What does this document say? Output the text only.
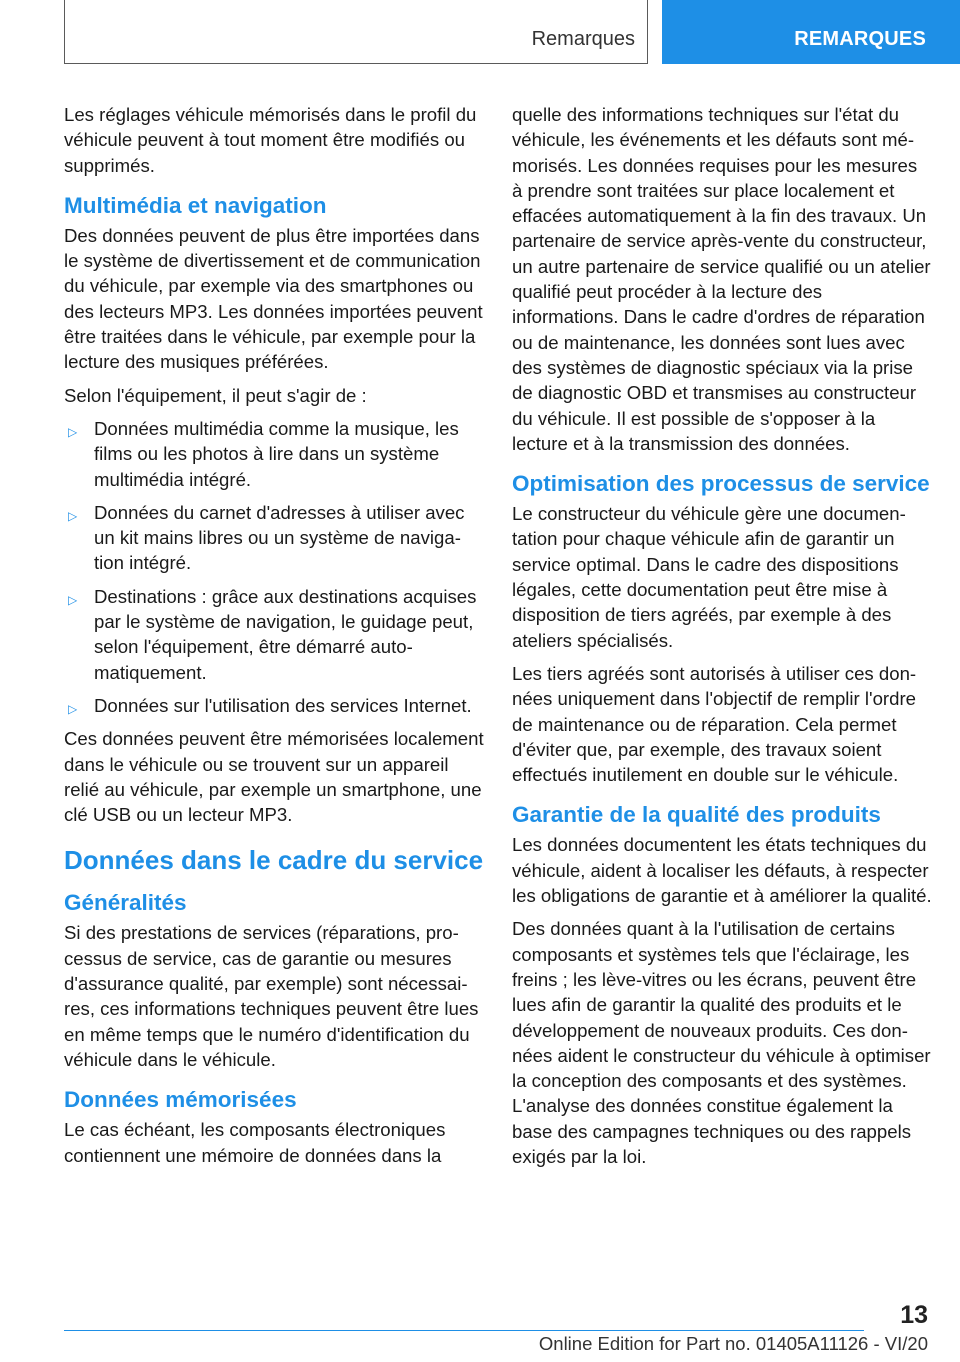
Remarques	REMARQUES

Les réglages véhicule mémorisés dans le profil du véhicule peuvent à tout moment être modifiés ou supprimés.

Multimédia et navigation

Des données peuvent de plus être importées dans le système de divertissement et de communication du véhicule, par exemple via des smartphones ou des lecteurs MP3. Les données importées peuvent être traitées dans le véhicule, par exemple pour la lecture des musiques préférées.

Selon l'équipement, il peut s'agir de :

▷ Données multimédia comme la musique, les films ou les photos à lire dans un système multimédia intégré.
▷ Données du carnet d'adresses à utiliser avec un kit mains libres ou un système de navigation intégré.
▷ Destinations : grâce aux destinations acquises par le système de navigation, le guidage peut, selon l'équipement, être démarré automatiquement.
▷ Données sur l'utilisation des services Internet.

Ces données peuvent être mémorisées localement dans le véhicule ou se trouvent sur un appareil relié au véhicule, par exemple un smartphone, une clé USB ou un lecteur MP3.

Données dans le cadre du service
Généralités

Si des prestations de services (réparations, processus de service, cas de garantie ou mesures d'assurance qualité, par exemple) sont nécessaires, ces informations techniques peuvent être lues en même temps que le numéro d'identification du véhicule dans le véhicule.

Données mémorisées

Le cas échéant, les composants électroniques contiennent une mémoire de données dans la

quelle des informations techniques sur l'état du véhicule, les événements et les défauts sont mémorisés. Les données requises pour les mesures à prendre sont traitées sur place localement et effacées automatiquement à la fin des travaux. Un partenaire de service après-vente du constructeur, un autre partenaire de service qualifié ou un atelier qualifié peut procéder à la lecture des informations. Dans le cadre d'ordres de réparation ou de maintenance, les données sont lues avec des systèmes de diagnostic spéciaux via la prise de diagnostic OBD et transmises au constructeur du véhicule. Il est possible de s'opposer à la lecture et à la transmission des données.

Optimisation des processus de service

Le constructeur du véhicule gère une documentation pour chaque véhicule afin de garantir un service optimal. Dans le cadre des dispositions légales, cette documentation peut être mise à disposition de tiers agréés, par exemple à des ateliers spécialisés.

Les tiers agréés sont autorisés à utiliser ces données uniquement dans l'objectif de remplir l'ordre de maintenance ou de réparation. Cela permet d'éviter que, par exemple, des travaux soient effectués inutilement en double sur le véhicule.

Garantie de la qualité des produits

Les données documentent les états techniques du véhicule, aident à localiser les défauts, à respecter les obligations de garantie et à améliorer la qualité.

Des données quant à la l'utilisation de certains composants et systèmes tels que l'éclairage, les freins ; les lève-vitres ou les écrans, peuvent être lues afin de garantir la qualité des produits et le développement de nouveaux produits. Ces données aident le constructeur du véhicule à optimiser la conception des composants et des systèmes. L'analyse des données constitue également la base des campagnes techniques ou des rappels exigés par la loi.

13
Online Edition for Part no. 01405A11126 - VI/20
